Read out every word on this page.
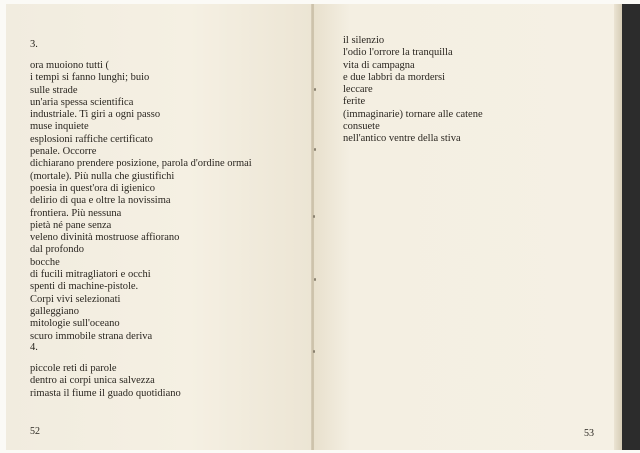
3.
ora muoiono tutti (
i tempi si fanno lunghi; buio
sulle strade
un'aria spessa scientifica
industriale. Ti giri a ogni passo
muse inquiete
esplosioni raffiche certificato
penale. Occorre
dichiarano prendere posizione, parola d'ordine ormai
(mortale). Più nulla che giustifichi
poesia in quest'ora di igienico
delirio di qua e oltre la novissima
frontiera. Più nessuna
pietà né pane senza
veleno divinità mostruose affiorano
dal profondo
bocche
di fucili mitragliatori e occhi
spenti di machine-pistole.
Corpi vivi selezionati
galleggiano
mitologie sull'oceano
scuro immobile strana deriva
4.
piccole reti di parole
dentro ai corpi unica salvezza
rimasta il fiume il guado quotidiano
52
il silenzio
l'odio l'orrore la tranquilla
vita di campagna
e due labbri da mordersi
leccare
ferite
(immaginarie) tornare alle catene
consuete
nell'antico ventre della stiva
53
